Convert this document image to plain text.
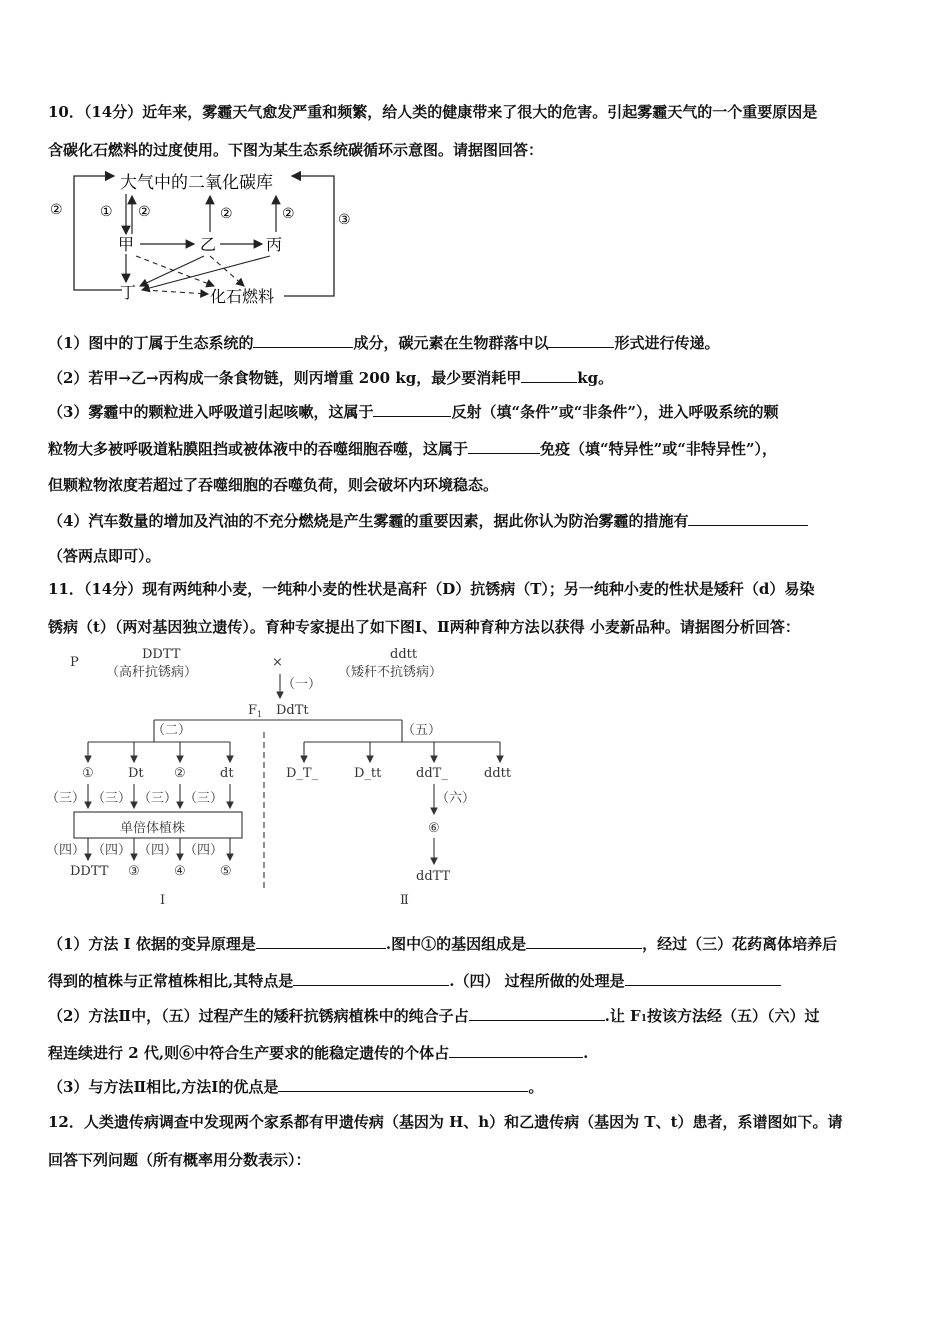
10．（14分）近年来，雾霾天气愈发严重和频繁，给人类的健康带来了很大的危害。引起雾霾天气的一个重要原因是
含碳化石燃料的过度使用。下图为某生态系统碳循环示意图。请据图回答：
大气中的二氧化碳库
②
③
① ②	②	②
甲	乙	丙
丁	化石燃料
（1）图中的丁属于生态系统的	成分，碳元素在生物群落中以	形式进行传递。
（2）若甲→乙→丙构成一条食物链，则丙增重 200 kg，最少要消耗甲	kg。
（3）雾霾中的颗粒进入呼吸道引起咳嗽，这属于	反射（填“条件”或“非条件”），进入呼吸系统的颗
粒物大多被呼吸道粘膜阻挡或被体液中的吞噬细胞吞噬，这属于	免疫（填“特异性”或“非特异性”），
但颗粒物浓度若超过了吞噬细胞的吞噬负荷，则会破坏内环境稳态。
（4）汽车数量的增加及汽油的不充分燃烧是产生雾霾的重要因素，据此你认为防治雾霾的措施有
（答两点即可）。
11．（14分）现有两纯种小麦，一纯种小麦的性状是高秆（D）抗锈病（T）；另一纯种小麦的性状是矮秆（d）易染
锈病（t）（两对基因独立遗传）。育种专家提出了如下图Ⅰ、Ⅱ两种育种方法以获得 小麦新品种。请据图分析回答：
P
DDTT
（高秆抗锈病）
×
ddtt
（矮秆不抗锈病）
（一）
F 1 DdTt
（二）	（五）
①	Dt ②	dt	D_T_	D_tt	ddT_	ddtt
（三） （三） （三） （三）
单倍体植株
（四） （四） （四） （四）
DDTT ③	④	⑤
（六）
⑥
ddTT
I	Ⅱ
（1）方法 I 依据的变异原理是	.图中①的基因组成是	，经过（三）花药离体培养后
得到的植株与正常植株相比,其特点是	.（四） 过程所做的处理是
（2）方法Ⅱ中，（五）过程产生的矮秆抗锈病植株中的纯合子占	.让 F1按该方法经（五）（六）过
程连续进行 2 代,则⑥中符合生产要求的能稳定遗传的个体占	.
（3）与方法Ⅱ相比,方法Ⅰ的优点是	。
12．人类遗传病调查中发现两个家系都有甲遗传病（基因为 H、h）和乙遗传病（基因为 T、t）患者，系谱图如下。请
回答下列问题（所有概率用分数表示）：
